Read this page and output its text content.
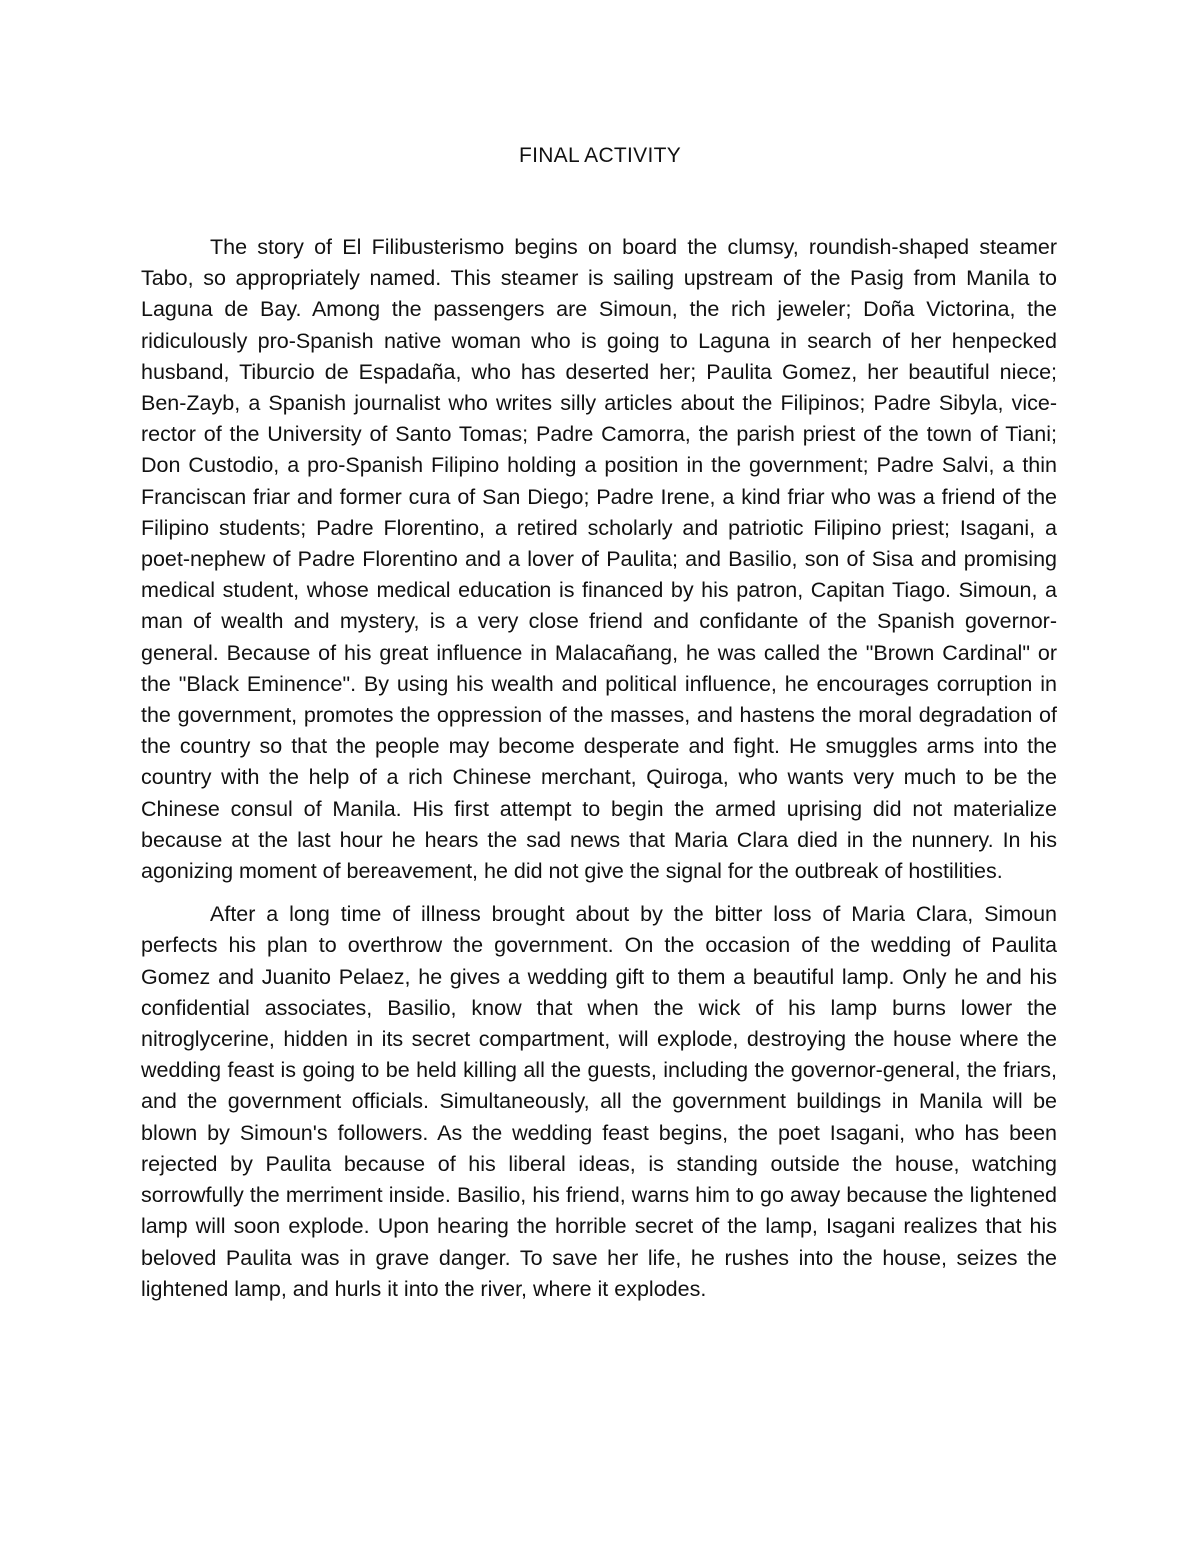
FINAL ACTIVITY

The story of El Filibusterismo begins on board the clumsy, roundish-shaped steamer Tabo, so appropriately named. This steamer is sailing upstream of the Pasig from Manila to Laguna de Bay. Among the passengers are Simoun, the rich jeweler; Doña Victorina, the ridiculously pro-Spanish native woman who is going to Laguna in search of her henpecked husband, Tiburcio de Espadaña, who has deserted her; Paulita Gomez, her beautiful niece; Ben-Zayb, a Spanish journalist who writes silly articles about the Filipinos; Padre Sibyla, vice-rector of the University of Santo Tomas; Padre Camorra, the parish priest of the town of Tiani; Don Custodio, a pro-Spanish Filipino holding a position in the government; Padre Salvi, a thin Franciscan friar and former cura of San Diego; Padre Irene, a kind friar who was a friend of the Filipino students; Padre Florentino, a retired scholarly and patriotic Filipino priest; Isagani, a poet-nephew of Padre Florentino and a lover of Paulita; and Basilio, son of Sisa and promising medical student, whose medical education is financed by his patron, Capitan Tiago. Simoun, a man of wealth and mystery, is a very close friend and confidante of the Spanish governor-general. Because of his great influence in Malacañang, he was called the "Brown Cardinal" or the "Black Eminence". By using his wealth and political influence, he encourages corruption in the government, promotes the oppression of the masses, and hastens the moral degradation of the country so that the people may become desperate and fight. He smuggles arms into the country with the help of a rich Chinese merchant, Quiroga, who wants very much to be the Chinese consul of Manila. His first attempt to begin the armed uprising did not materialize because at the last hour he hears the sad news that Maria Clara died in the nunnery. In his agonizing moment of bereavement, he did not give the signal for the outbreak of hostilities.

After a long time of illness brought about by the bitter loss of Maria Clara, Simoun perfects his plan to overthrow the government. On the occasion of the wedding of Paulita Gomez and Juanito Pelaez, he gives a wedding gift to them a beautiful lamp. Only he and his confidential associates, Basilio, know that when the wick of his lamp burns lower the nitroglycerine, hidden in its secret compartment, will explode, destroying the house where the wedding feast is going to be held killing all the guests, including the governor-general, the friars, and the government officials. Simultaneously, all the government buildings in Manila will be blown by Simoun's followers. As the wedding feast begins, the poet Isagani, who has been rejected by Paulita because of his liberal ideas, is standing outside the house, watching sorrowfully the merriment inside. Basilio, his friend, warns him to go away because the lightened lamp will soon explode. Upon hearing the horrible secret of the lamp, Isagani realizes that his beloved Paulita was in grave danger. To save her life, he rushes into the house, seizes the lightened lamp, and hurls it into the river, where it explodes.
